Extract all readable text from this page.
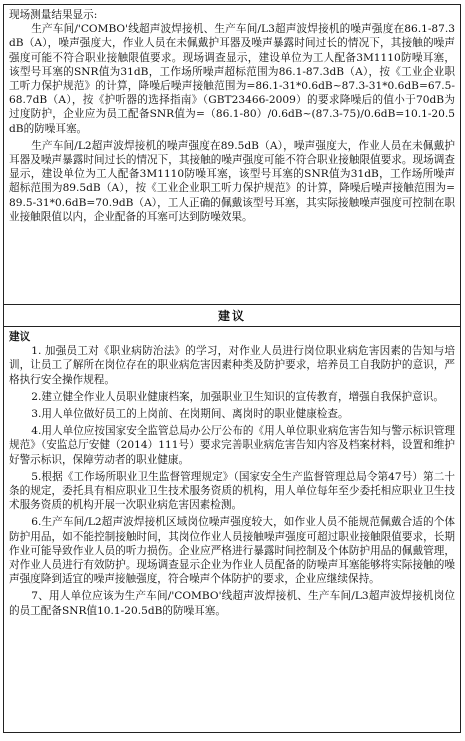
现场测量结果显示:

生产车间/'COMBO'线超声波焊接机、生产车间/L3超声波焊接机的噪声强度在86.1-87.3 dB（A），噪声强度大，作业人员在未佩戴护耳器及噪声暴露时间过长的情况下，其接触的噪声强度可能不符合职业接触限值要求。现场调查显示，建设单位为工人配备3M1110防噪耳塞，该型号耳塞的SNR值为31dB，工作场所噪声超标范围为86.1-87.3dB（A），按《工业企业职工听力保护规范》的计算，降噪后噪声接触范围为=86.1-31*0.6dB~87.3-31*0.6dB=67.5-68.7dB（A），按《护听器的选择指南》（GBT23466-2009）的要求降噪后的值小于70dB为过度防护，企业应为员工配备SNR值为=（86.1-80）/0.6dB~(87.3-75)/0.6dB=10.1-20.5dB的防噪耳塞。

生产车间/L2超声波焊接机的噪声强度在89.5dB（A），噪声强度大，作业人员在未佩戴护耳器及噪声暴露时间过长的情况下，其接触的噪声强度可能不符合职业接触限值要求。现场调查显示，建设单位为工人配备3M1110防噪耳塞，该型号耳塞的SNR值为31dB，工作场所噪声超标范围为89.5dB（A），按《工业企业职工听力保护规范》的计算，降噪后噪声接触范围为=89.5-31*0.6dB=70.9dB（A），工人正确的佩戴该型号耳塞，其实际接触噪声强度可控制在职业接触限值以内，企业配备的耳塞可达到防噪效果。

建议

建议

1. 加强员工对《职业病防治法》的学习，对作业人员进行岗位职业病危害因素的告知与培训，让员工了解所在岗位存在的职业病危害因素种类及防护要求，培养员工自我防护的意识，严格执行安全操作规程。

2.建立健全作业人员职业健康档案，加强职业卫生知识的宣传教育，增强自我保护意识。

3.用人单位做好员工的上岗前、在岗期间、离岗时的职业健康检查。

4.用人单位应按国家安全监管总局办公厅公布的《用人单位职业病危害告知与警示标识管理规范》（安监总厅安健（2014）111号）要求完善职业病危害告知内容及档案材料，设置和维护好警示标识，保障劳动者的职业健康。

5.根据《工作场所职业卫生监督管理规定》（国家安全生产监督管理总局令第47号）第二十条的规定，委托具有相应职业卫生技术服务资质的机构，用人单位每年至少委托相应职业卫生技术服务资质的机构开展一次职业病危害因素检测。

6.生产车间/L2超声波焊接机区域岗位噪声强度较大，如作业人员不能规范佩戴合适的个体防护用品，如不能控制接触时间，其岗位作业人员接触噪声强度可超过职业接触限值要求，长期作业可能导致作业人员的听力损伤。企业应严格进行暴露时间控制及个体防护用品的佩戴管理，对作业人员进行有效防护。现场调查显示企业为作业人员配备的防噪声耳塞能够将实际接触的噪声强度降到适宜的噪声接触强度，符合噪声个体防护的要求，企业应继续保持。

7、用人单位应该为生产车间/'COMBO'线超声波焊接机、生产车间/L3超声波焊接机岗位的员工配备SNR值10.1-20.5dB的防噪耳塞。
